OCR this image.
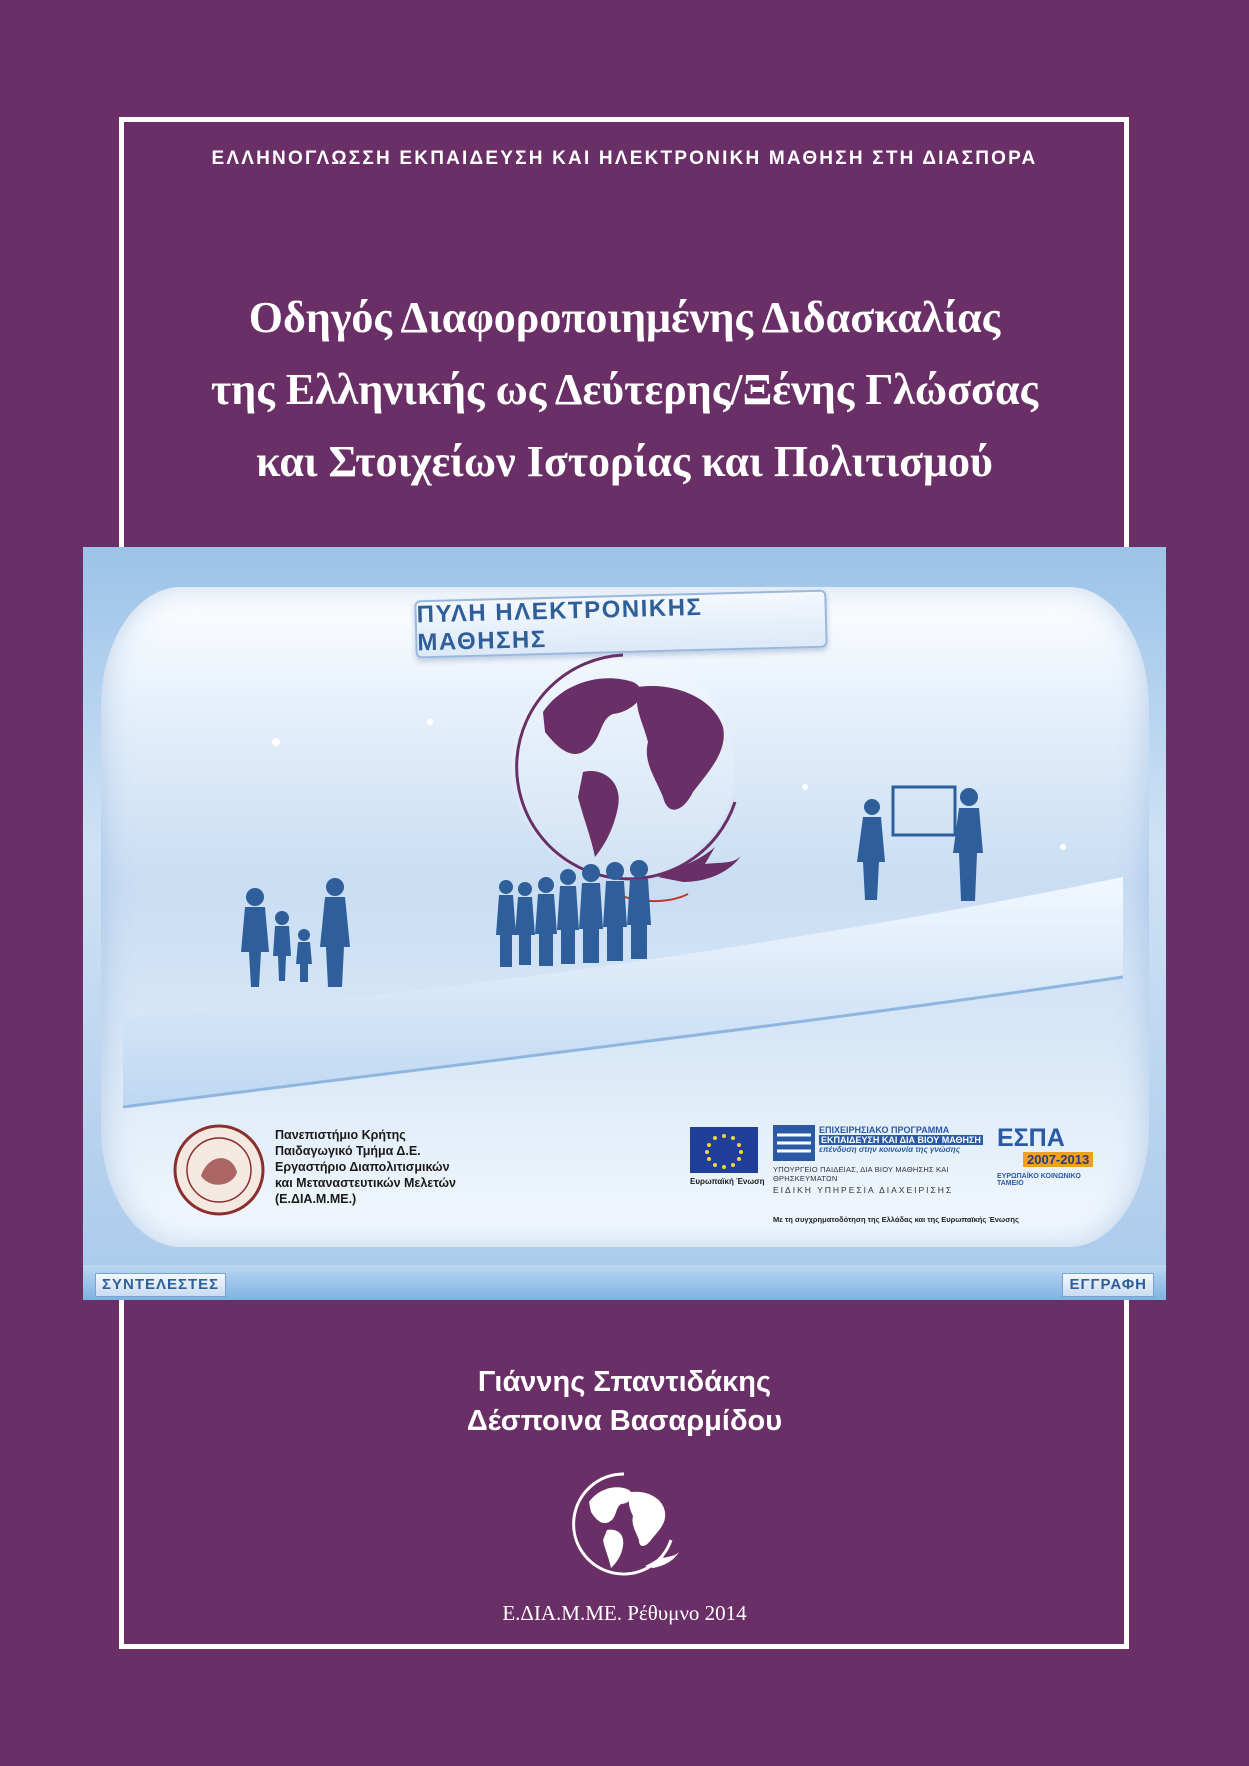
ΕΛΛΗΝΟΓΛΩΣΣΗ ΕΚΠΑΙΔΕΥΣΗ ΚΑΙ ΗΛΕΚΤΡΟΝΙΚΗ ΜΑΘΗΣΗ ΣΤΗ ΔΙΑΣΠΟΡΑ
Οδηγός Διαφοροποιημένης Διδασκαλίας
της Ελληνικής ως Δεύτερης/Ξένης Γλώσσας
και Στοιχείων Ιστορίας και Πολιτισμού
ΠΥΛΗ ΗΛΕΚΤΡΟΝΙΚΗΣ ΜΑΘΗΣΗΣ
Πανεπιστήμιο Κρήτης
Παιδαγωγικό Τμήμα Δ.Ε.
Εργαστήριο Διαπολιτισμικών
και Μεταναστευτικών Μελετών
(Ε.ΔΙΑ.Μ.ΜΕ.)
Ευρωπαϊκή Ένωση
ΕΠΙΧΕΙΡΗΣΙΑΚΟ ΠΡΟΓΡΑΜΜΑ
ΕΚΠΑΙΔΕΥΣΗ ΚΑΙ ΔΙΑ ΒΙΟΥ ΜΑΘΗΣΗ
επένδυση στην κοινωνία της γνώσης
ΥΠΟΥΡΓΕΙΟ ΠΑΙΔΕΙΑΣ, ΔΙΑ ΒΙΟΥ ΜΑΘΗΣΗΣ ΚΑΙ ΘΡΗΣΚΕΥΜΑΤΩΝ
ΕΙΔΙΚΗ ΥΠΗΡΕΣΙΑ ΔΙΑΧΕΙΡΙΣΗΣ
ΕΣΠΑ
2007-2013
ΕΥΡΩΠΑΪΚΟ ΚΟΙΝΩΝΙΚΟ ΤΑΜΕΙΟ
Με τη συγχρηματοδότηση της Ελλάδας και της Ευρωπαϊκής Ένωσης
ΣΥΝΤΕΛΕΣΤΕΣ	ΕΓΓΡΑΦΗ
Γιάννης Σπαντιδάκης
Δέσποινα Βασαρμίδου
Ε.ΔΙΑ.Μ.ΜΕ. Ρέθυμνο 2014
